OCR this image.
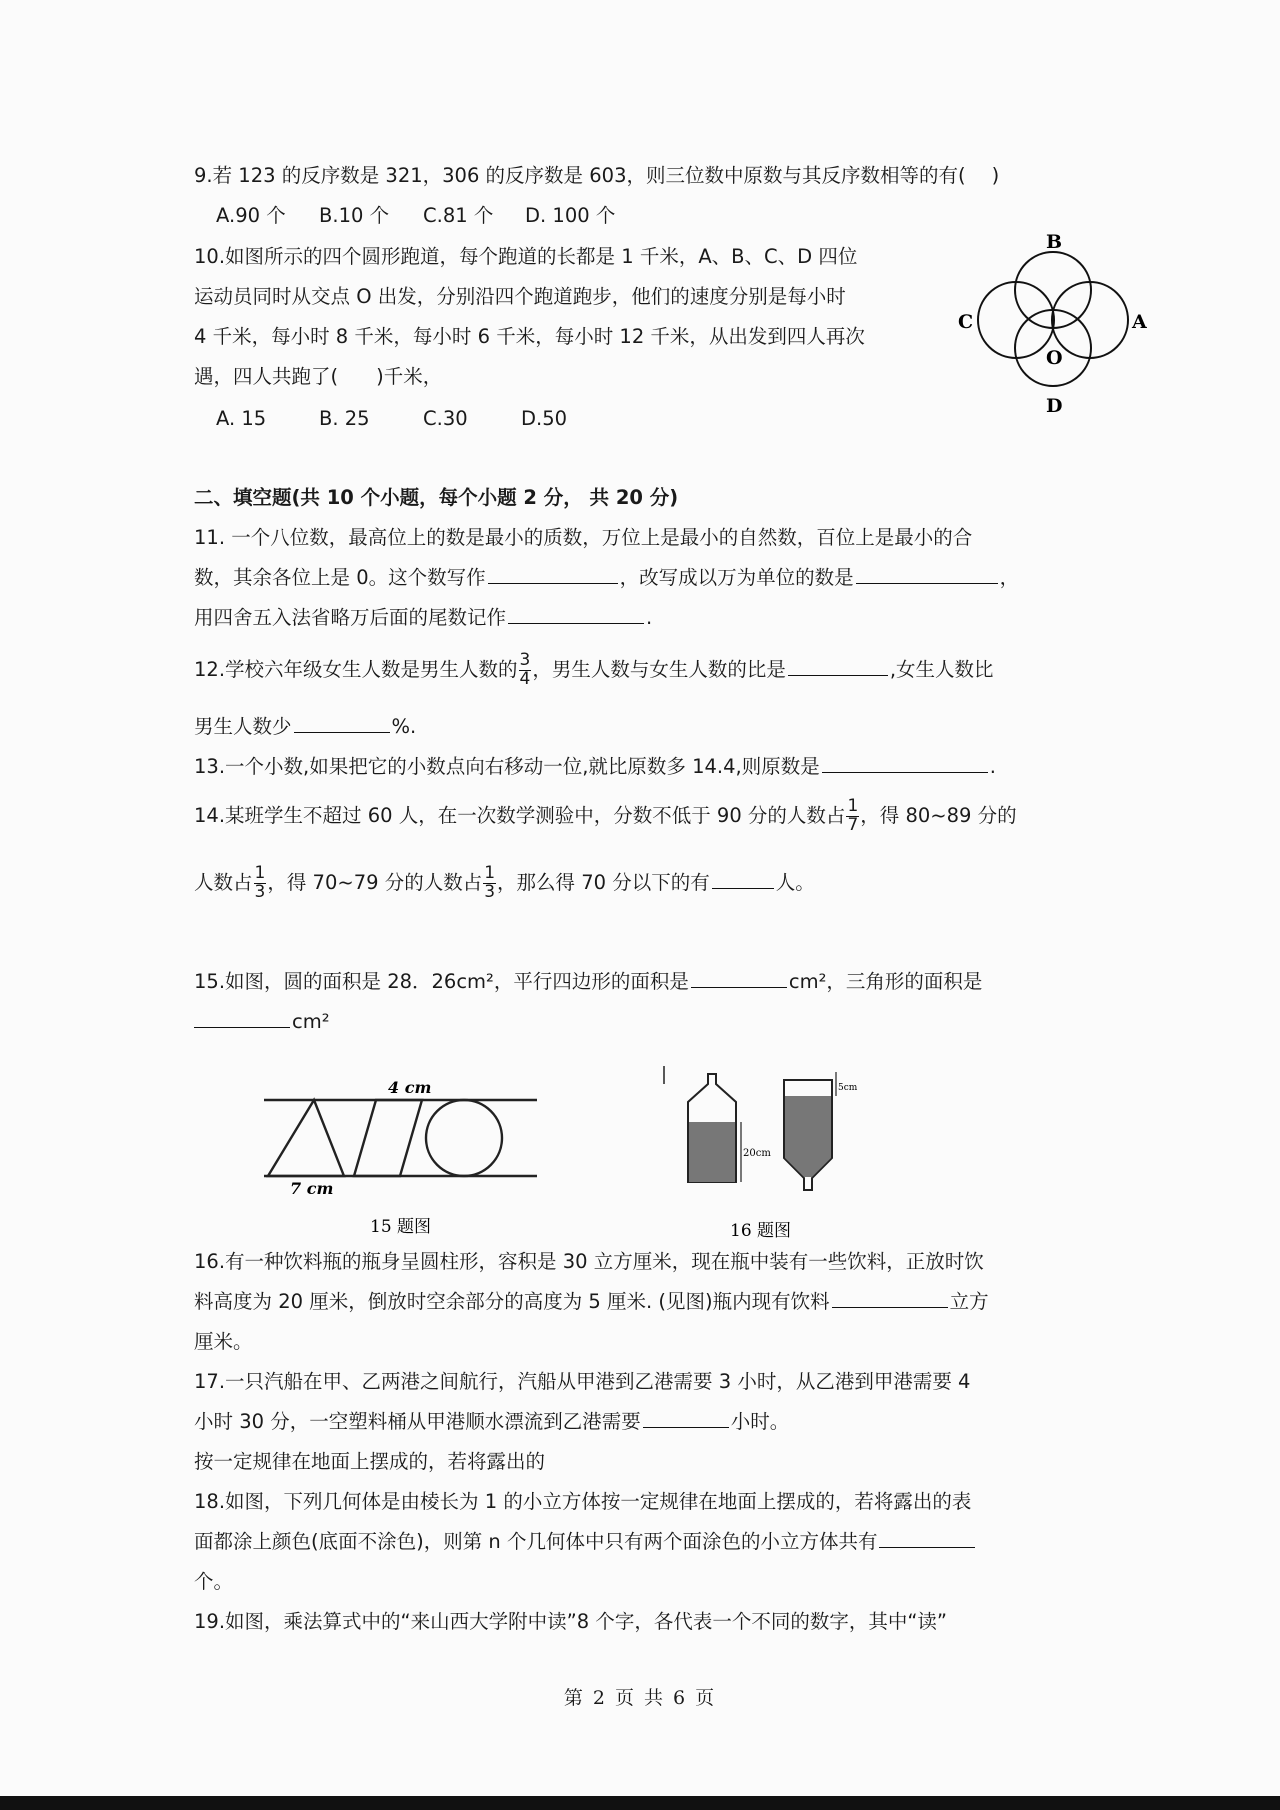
9.若 123 的反序数是 321，306 的反序数是 603，则三位数中原数与其反序数相等的有( )
A.90 个 B.10 个 C.81 个 D. 100 个
10.如图所示的四个圆形跑道，每个跑道的长都是 1 千米，A、B、C、D 四位
运动员同时从交点 O 出发，分别沿四个跑道跑步，他们的速度分别是每小时
4 千米，每小时 8 千米，每小时 6 千米，每小时 12 千米，从出发到四人再次
遇，四人共跑了( )千米，
A. 15	B. 25	C.30	D.50
B
C	A
O
D
二、填空题(共 10 个小题，每个小题 2 分， 共 20 分)
11. 一个八位数，最高位上的数是最小的质数，万位上是最小的自然数，百位上是最小的合
数，其余各位上是 0。这个数写作	，改写成以万为单位的数是	，
用四舍五入法省略万后面的尾数记作	.
12.学校六年级女生人数是男生人数的 $\frac{3}{4}$ ，男生人数与女生人数的比是	,女生人数比
男生人数少	%.
13.一个小数,如果把它的小数点向右移动一位,就比原数多 14.4,则原数是	.
14.某班学生不超过 60 人，在一次数学测验中，分数不低于 90 分的人数占 $\frac{1}{7}$ ，得 80~89 分的
人数占 $\frac{1}{3}$ ，得 70~79 分的人数占 $\frac{1}{3}$ ，那么得 70 分以下的有	人。
15.如图，圆的面积是 28．26cm²，平行四边形的面积是	cm²，三角形的面积是
cm²
4 cm
7 cm
15 题图
20cm
5cm
16 题图
16.有一种饮料瓶的瓶身呈圆柱形，容积是 30 立方厘米，现在瓶中装有一些饮料，正放时饮
料高度为 20 厘米，倒放时空余部分的高度为 5 厘米. (见图)瓶内现有饮料	立方
厘米。
17.一只汽船在甲、乙两港之间航行，汽船从甲港到乙港需要 3 小时，从乙港到甲港需要 4
小时 30 分，一空塑料桶从甲港顺水漂流到乙港需要	小时。
按一定规律在地面上摆成的，若将露出的
18.如图，下列几何体是由棱长为 1 的小立方体按一定规律在地面上摆成的，若将露出的表
面都涂上颜色(底面不涂色)，则第 n 个几何体中只有两个面涂色的小立方体共有
个。
19.如图，乘法算式中的“来山西大学附中读”8 个字，各代表一个不同的数字，其中“读”
第 2 页 共 6 页
